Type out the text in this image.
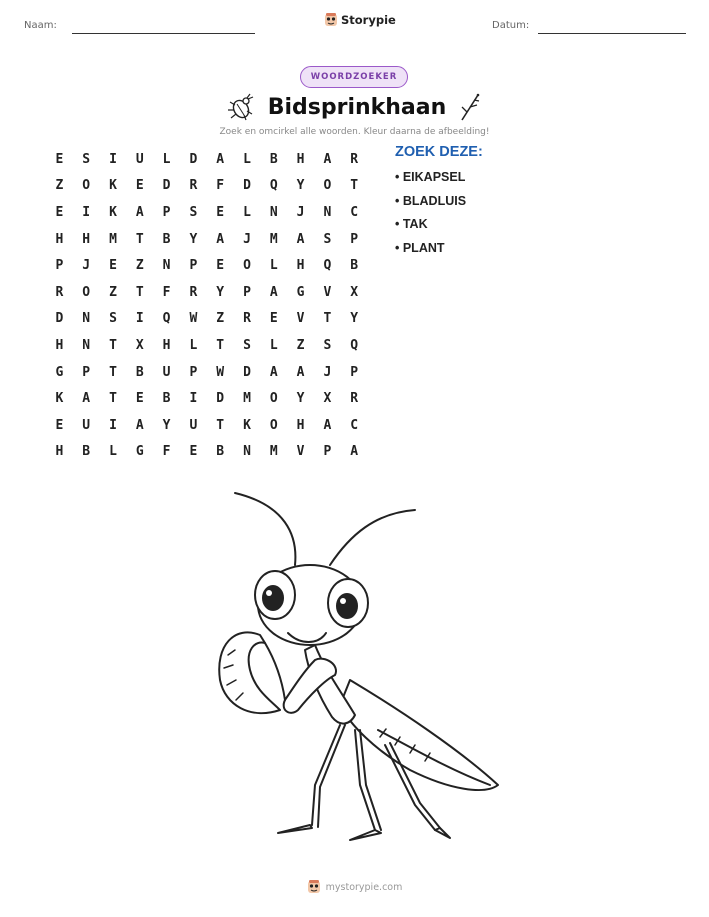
Naam:	Storypie	Datum:
WOORDZOEKER
Bidsprinkhaan
Zoek en omcirkel alle woorden. Kleur daarna de afbeelding!
E	S	I	U	L	D	A	L	B	H	A	R
Z	O	K	E	D	R	F	D	Q	Y	O	T
E	I	K	A	P	S	E	L	N	J	N	C
H	H	M	T	B	Y	A	J	M	A	S	P
P	J	E	Z	N	P	E	O	L	H	Q	B
R	O	Z	T	F	R	Y	P	A	G	V	X
D	N	S	I	Q	W	Z	R	E	V	T	Y
H	N	T	X	H	L	T	S	L	Z	S	Q
G	P	T	B	U	P	W	D	A	A	J	P
K	A	T	E	B	I	D	M	O	Y	X	R
E	U	I	A	Y	U	T	K	O	H	A	C
H	B	L	G	F	E	B	N	M	V	P	A
ZOEK DEZE:
• EIKAPSEL
• BLADLUIS
• TAK
• PLANT
mystorypie.com
